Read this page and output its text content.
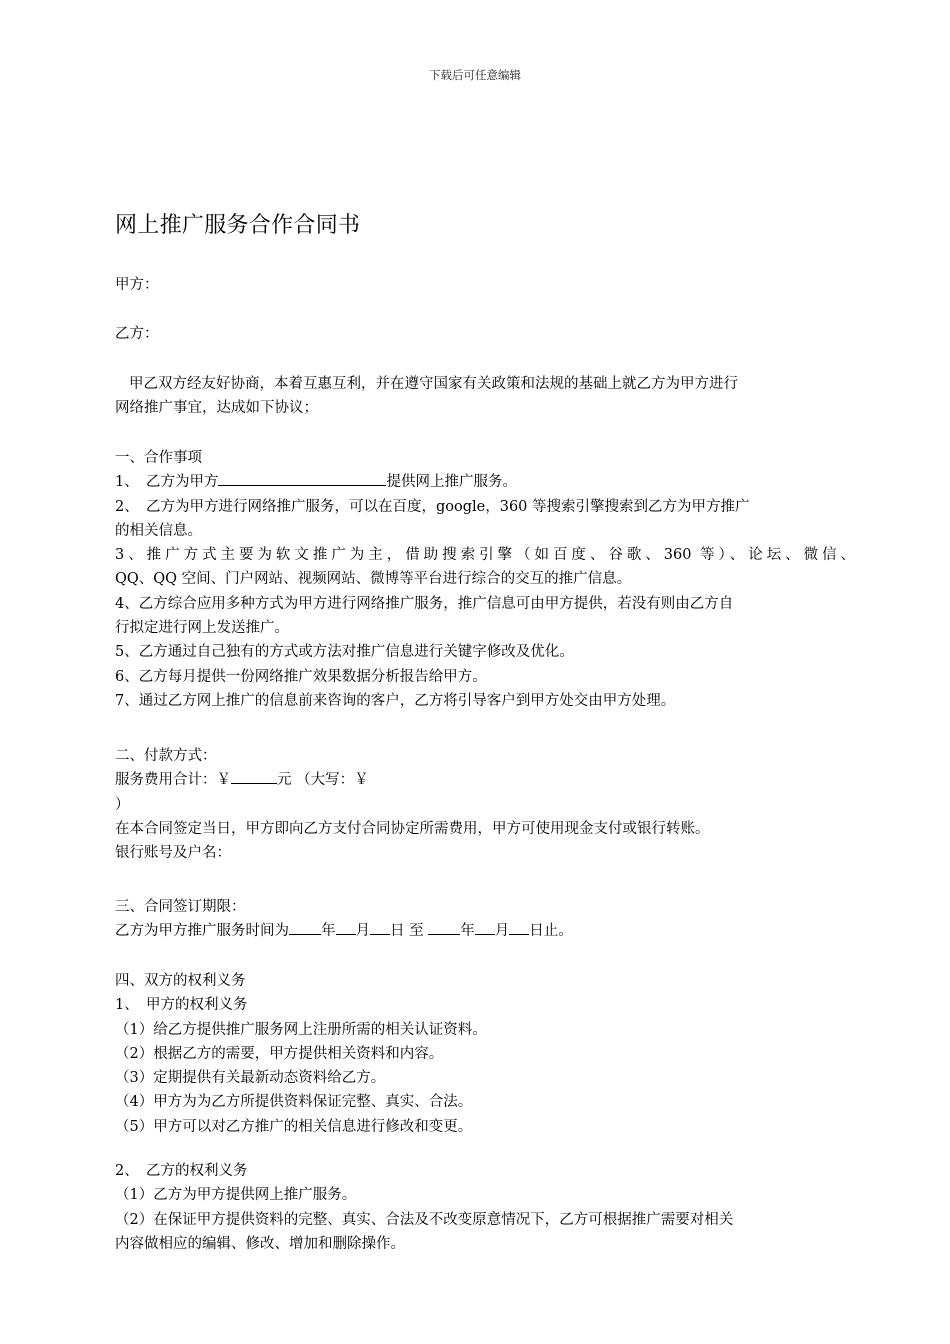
下载后可任意编辑
网上推广服务合作合同书
甲方：
乙方：
甲乙双方经友好协商，本着互惠互利，并在遵守国家有关政策和法规的基础上就乙方为甲方进行
网络推广事宜，达成如下协议；
一、合作事项
1、　乙方为甲方	提供网上推广服务。
2、　乙方为甲方进行网络推广服务，可以在百度，google，360 等搜索引擎搜索到乙方为甲方推广
的相关信息。
3、推广方式主要为软文推广为主，借助搜索引擎（如百度、谷歌、360 等）、论坛、微信、
QQ、QQ 空间、门户网站、视频网站、微博等平台进行综合的交互的推广信息。
4、乙方综合应用多种方式为甲方进行网络推广服务，推广信息可由甲方提供，若没有则由乙方自
行拟定进行网上发送推广。
5、乙方通过自己独有的方式或方法对推广信息进行关键字修改及优化。
6、乙方每月提供一份网络推广效果数据分析报告给甲方。
7、通过乙方网上推广的信息前来咨询的客户，乙方将引导客户到甲方处交由甲方处理。
二、付款方式：
服务费用合计：￥	元 （大写：￥
）
在本合同签定当日，甲方即向乙方支付合同协定所需费用，甲方可使用现金支付或银行转账。
银行账号及户名：
三、合同签订期限：
乙方为甲方推广服务时间为 年 月 日 至 年 月 日止。
四、双方的权利义务
1、　甲方的权利义务
（1）给乙方提供推广服务网上注册所需的相关认证资料。
（2）根据乙方的需要，甲方提供相关资料和内容。
（3）定期提供有关最新动态资料给乙方。
（4）甲方为为乙方所提供资料保证完整、真实、合法。
（5）甲方可以对乙方推广的相关信息进行修改和变更。
2、　乙方的权利义务
（1）乙方为甲方提供网上推广服务。
（2）在保证甲方提供资料的完整、真实、合法及不改变原意情况下，乙方可根据推广需要对相关
内容做相应的编辑、修改、增加和删除操作。
